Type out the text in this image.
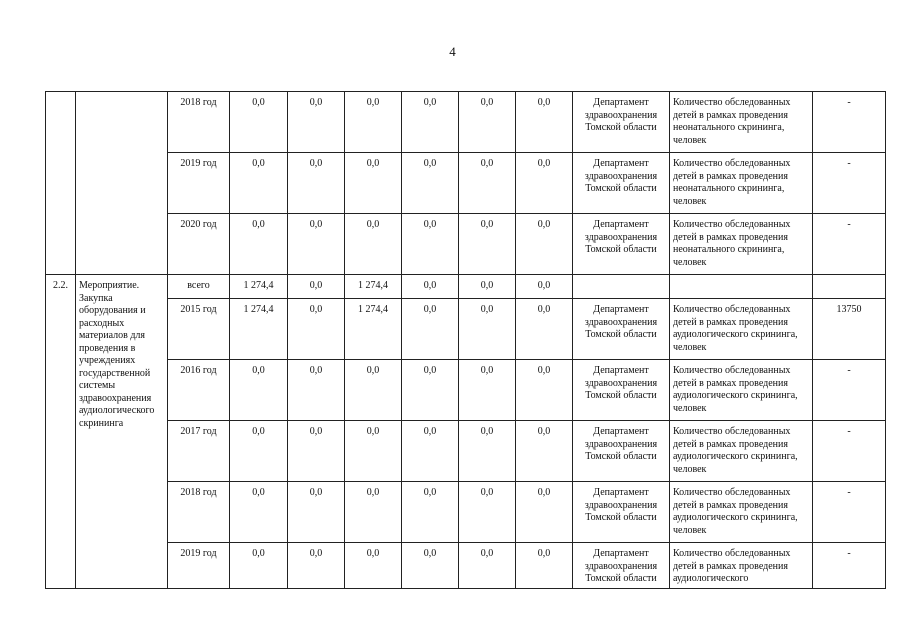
4
		2018 год	0,0	0,0	0,0	0,0	0,0	0,0	Департамент здравоохранения Томской области	Количество обследованных детей в рамках проведения неонатального скрининга, человек	-
		2019 год	0,0	0,0	0,0	0,0	0,0	0,0	Департамент здравоохранения Томской области	Количество обследованных детей в рамках проведения неонатального скрининга, человек	-
		2020 год	0,0	0,0	0,0	0,0	0,0	0,0	Департамент здравоохранения Томской области	Количество обследованных детей в рамках проведения неонатального скрининга, человек	-
2.2.	Мероприятие. Закупка оборудования и расходных материалов для проведения в учреждениях государственной системы здравоохранения аудиологического скрининга	всего	1 274,4	0,0	1 274,4	0,0	0,0	0,0			
		2015 год	1 274,4	0,0	1 274,4	0,0	0,0	0,0	Департамент здравоохранения Томской области	Количество обследованных детей в рамках проведения аудиологического скрининга, человек	13750
		2016 год	0,0	0,0	0,0	0,0	0,0	0,0	Департамент здравоохранения Томской области	Количество обследованных детей в рамках проведения аудиологического скрининга, человек	-
		2017 год	0,0	0,0	0,0	0,0	0,0	0,0	Департамент здравоохранения Томской области	Количество обследованных детей в рамках проведения аудиологического скрининга, человек	-
		2018 год	0,0	0,0	0,0	0,0	0,0	0,0	Департамент здравоохранения Томской области	Количество обследованных детей в рамках проведения аудиологического скрининга, человек	-
		2019 год	0,0	0,0	0,0	0,0	0,0	0,0	Департамент здравоохранения Томской области	Количество обследованных детей в рамках проведения аудиологического	-
